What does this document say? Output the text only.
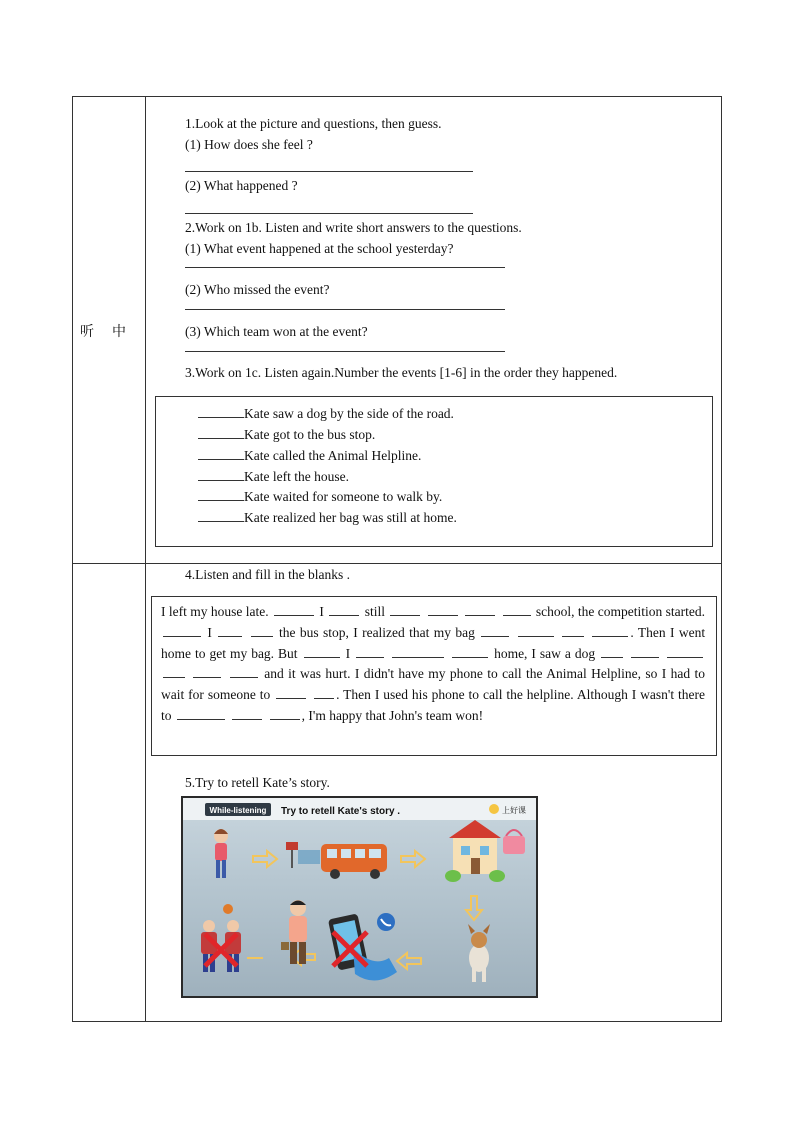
听中
1.Look at the picture and questions, then guess.
(1) How does she feel ?
(2) What happened ?
2.Work on 1b. Listen and write short answers to the questions.
(1) What event happened at the school yesterday?
(2) Who missed the event?
(3) Which team won at the event?
3.Work on 1c. Listen again.Number the events [1-6] in the order they happened.
Kate saw a dog by the side of the road.
Kate got to the bus stop.
Kate called the Animal Helpline.
Kate left the house.
Kate waited for someone to walk by.
Kate realized her bag was still at home.
4.Listen and fill in the blanks .
I left my house late.	I	still	school, the competition started.  I	the bus stop, I realized that my bag	. Then I went home to get my bag. But	I	home, I saw a dog       and it was hurt. I didn't have my phone to call the Animal Helpline, so I had to wait for someone to	. Then I used his phone to call the helpline. Although I wasn't there to	, I'm happy that John's team won!
5.Try to retell Kate’s story.
While-listening Try to retell Kate's story .	上好课
